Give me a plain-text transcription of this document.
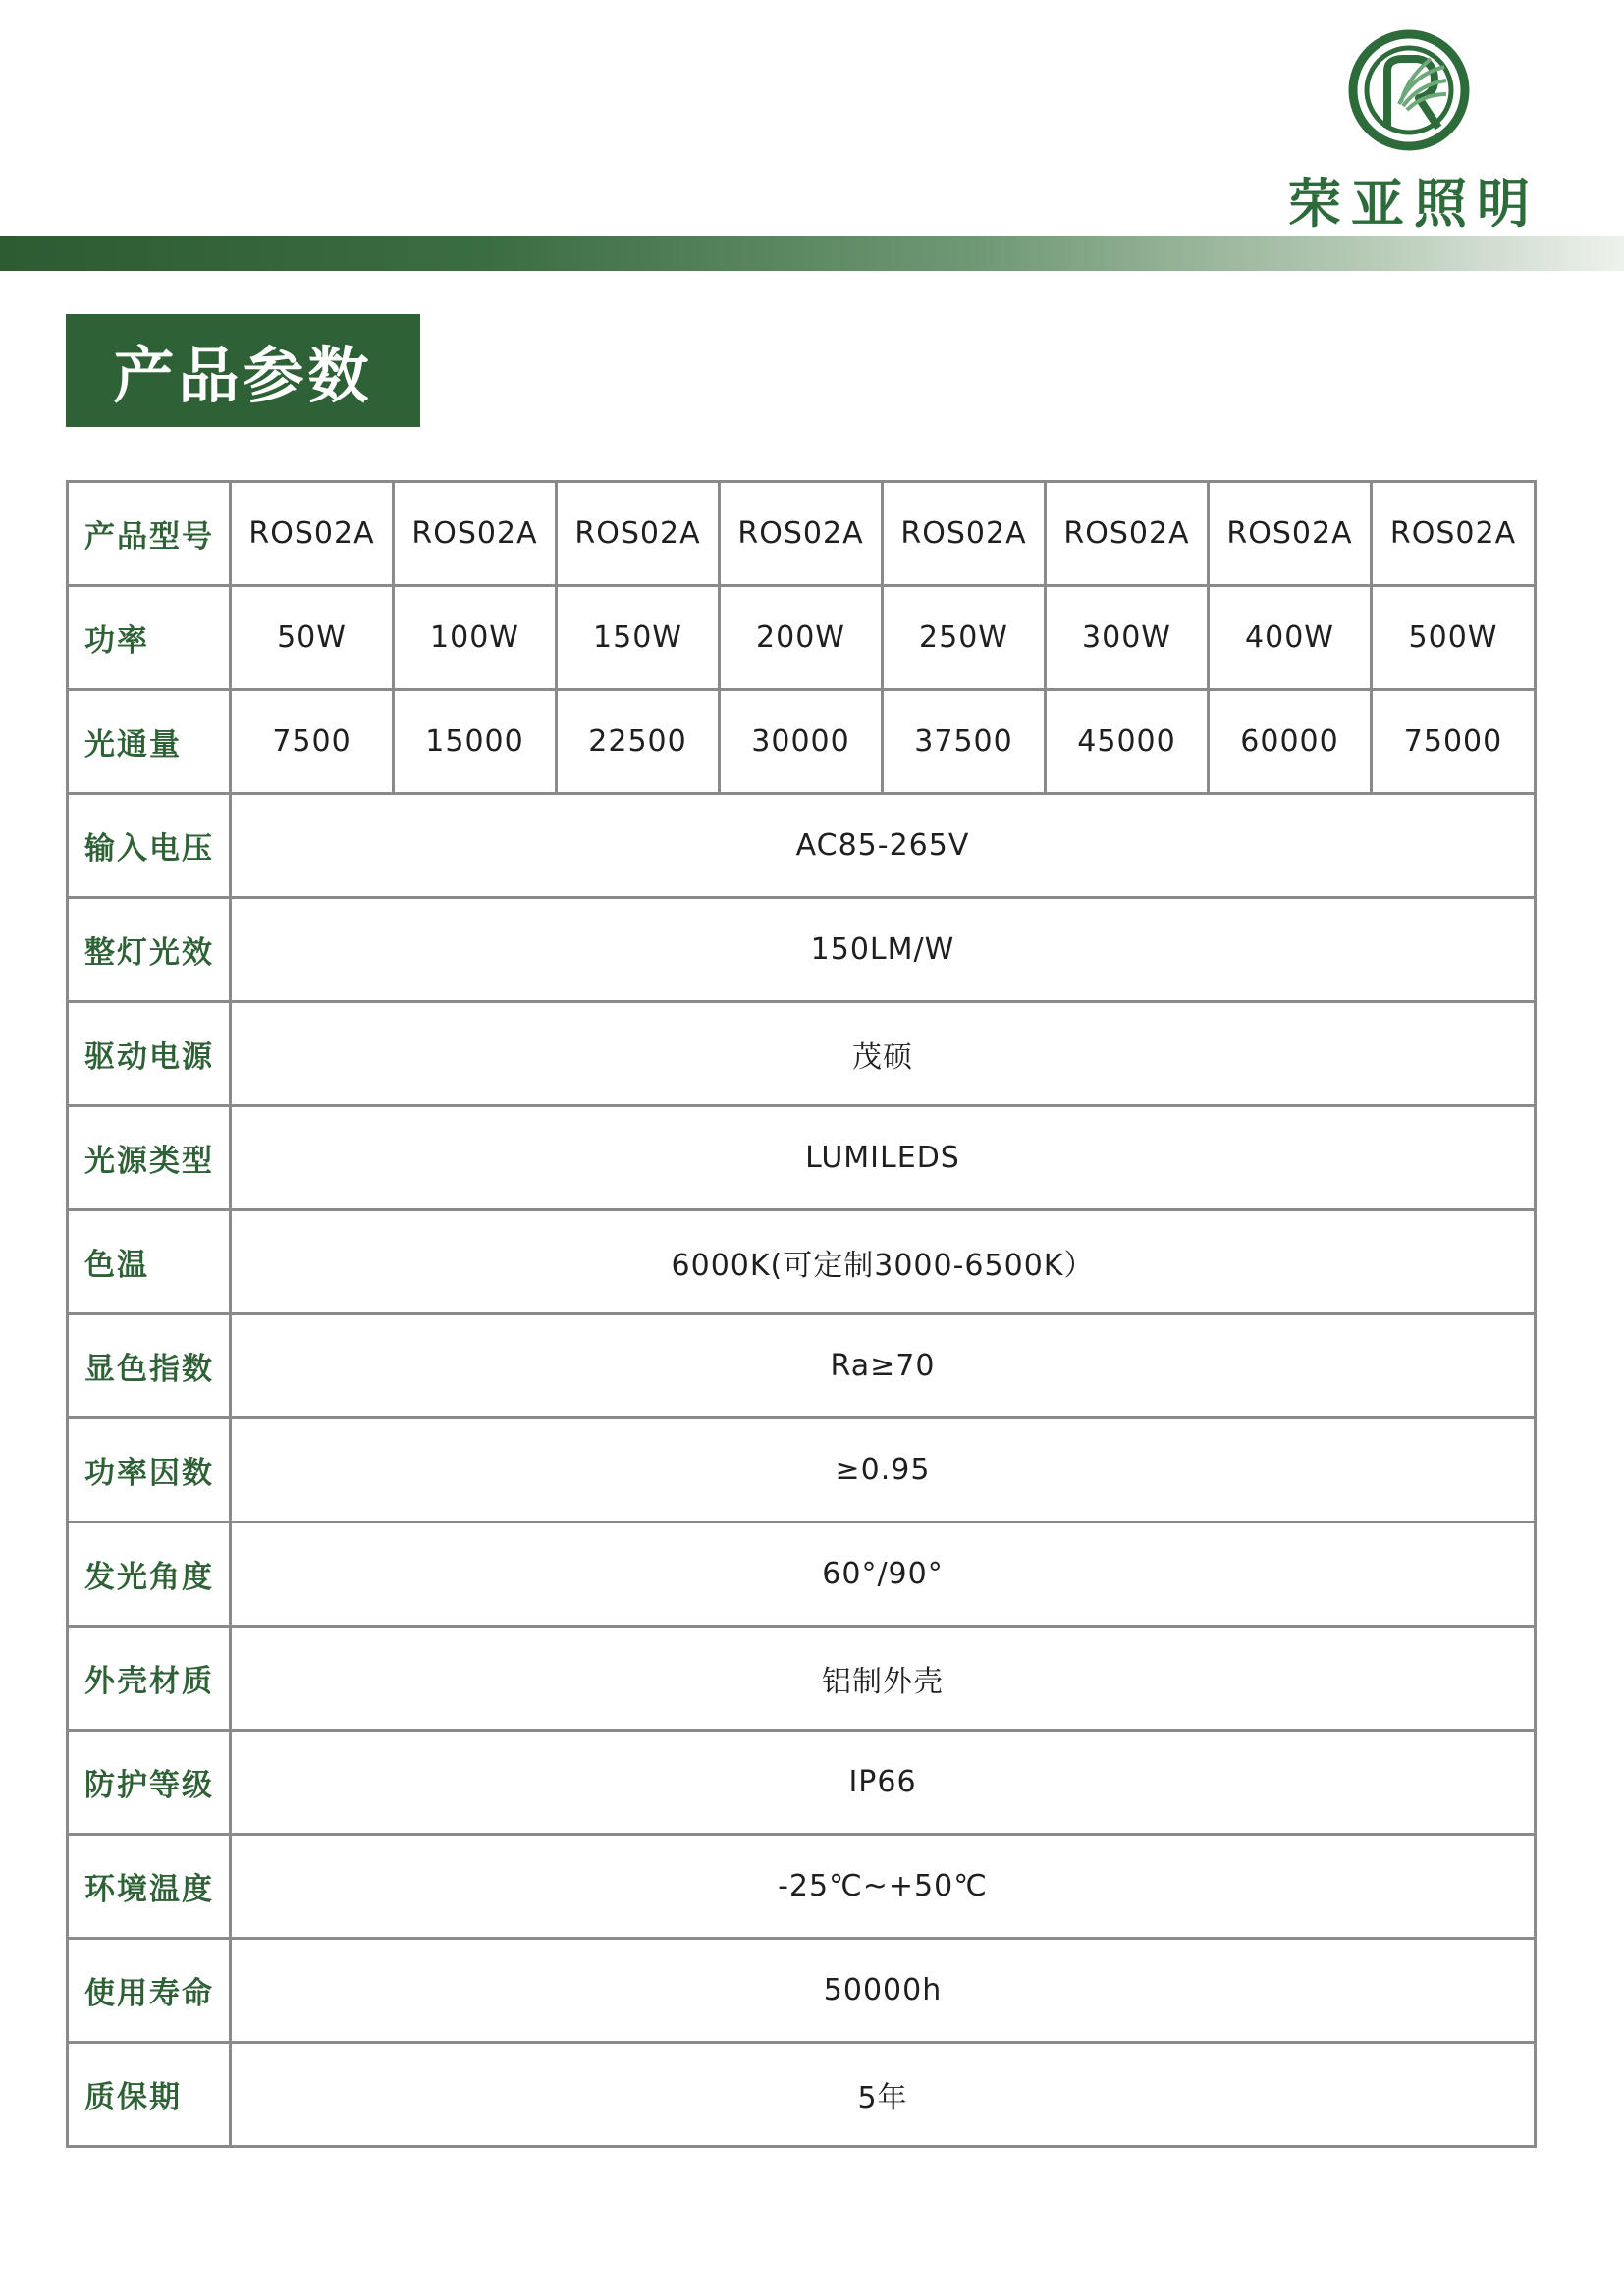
荣亚照明
产品参数
产品型号	ROS02A	ROS02A	ROS02A	ROS02A	ROS02A	ROS02A	ROS02A	ROS02A
功率	50W	100W	150W	200W	250W	300W	400W	500W
光通量	7500	15000	22500	30000	37500	45000	60000	75000
输入电压	AC85-265V							
整灯光效	150LM/W							
驱动电源	茂硕							
光源类型	LUMILEDS							
色温	6000K(可定制3000-6500K）							
显色指数	Ra≥70							
功率因数	≥0.95							
发光角度	60°/90°							
外壳材质	铝制外壳							
防护等级	IP66							
环境温度	-25℃~+50℃							
使用寿命	50000h							
质保期	5年							
